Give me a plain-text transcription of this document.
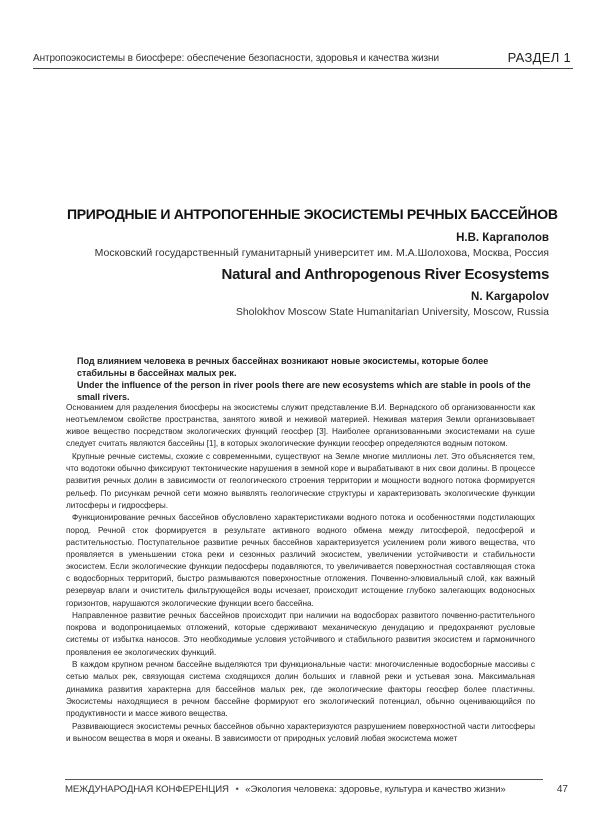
Антропоэкосистемы в биосфере: обеспечение безопасности, здоровья и качества жизни	РАЗДЕЛ 1
ПРИРОДНЫЕ И АНТРОПОГЕННЫЕ ЭКОСИСТЕМЫ РЕЧНЫХ БАССЕЙНОВ
Н.В. Каргаполов
Московский государственный гуманитарный университет им. М.А.Шолохова, Москва, Россия
Natural and Anthropogenous River Ecosystems
N. Kargapolov
Sholokhov Moscow State Humanitarian University, Moscow, Russia

Под влиянием человека в речных бассейнах возникают новые экосистемы, которые более стабильны в бассейнах малых рек.

Under the influence of the person in river pools there are new ecosystems which are stable in pools of the small rivers.

Основанием для разделения биосферы на экосистемы служит представление В.И. Вернадского об организованности как неотъемлемом свойстве пространства, занятого живой и неживой материей. Неживая материя Земли организовывает живое вещество посредством экологических функций геосфер [3]. Наиболее организованными экосистемами на суше следует считать являются бассейны [1], в которых экологические функции геосфер определяются водным потоком.

Крупные речные системы, схожие с современными, существуют на Земле многие миллионы лет. Это объясняется тем, что водотоки обычно фиксируют тектонические нарушения в земной коре и вырабатывают в них свои долины. В процессе развития речных долин в зависимости от геологического строения территории и мощности водного потока формируется рельеф. По рисункам речной сети можно выявлять геологические структуры и характеризовать экологические функции литосферы и гидросферы.

Функционирование речных бассейнов обусловлено характеристиками водного потока и особенностями подстилающих пород. Речной сток формируется в результате активного водного обмена между литосферой, педосферой и растительностью. Поступательное развитие речных бассейнов характеризуется усилением роли живого вещества, что проявляется в уменьшении стока реки и сезонных различий экосистем, увеличении устойчивости и стабильности экосистем. Если экологические функции педосферы подавляются, то увеличивается поверхностная составляющая стока с водосборных территорий, быстро размываются поверхностные отложения. Почвенно-элювиальный слой, как важный резервуар влаги и очиститель фильтрующейся воды исчезает, происходит истощение глубоко залегающих водоносных горизонтов, нарушаются экологические функции всего бассейна.

Направленное развитие речных бассейнов происходит при наличии на водосборах развитого почвенно-растительного покрова и водопроницаемых отложений, которые сдерживают механическую денудацию и предохраняют русловые системы от избытка наносов. Это необходимые условия устойчивого и стабильного развития экосистем и гармоничного проявления ее экологических функций.

В каждом крупном речном бассейне выделяются три функциональные части: многочисленные водосборные массивы с сетью малых рек, связующая система сходящихся долин больших и главной реки и устьевая зона. Максимальная динамика развития характерна для бассейнов малых рек, где экологические факторы геосфер более пластичны. Экосистемы находящиеся в речном бассейне формируют его экологический потенциал, обычно оценивающийся по продуктивности и массе живого вещества.

Развивающиеся экосистемы речных бассейнов обычно характеризуются разрушением поверхностной части литосферы и выносом вещества в моря и океаны. В зависимости от природных условий любая экосистема может

МЕЖДУНАРОДНАЯ КОНФЕРЕНЦИЯ • «Экология человека: здоровье, культура и качество жизни»	47
